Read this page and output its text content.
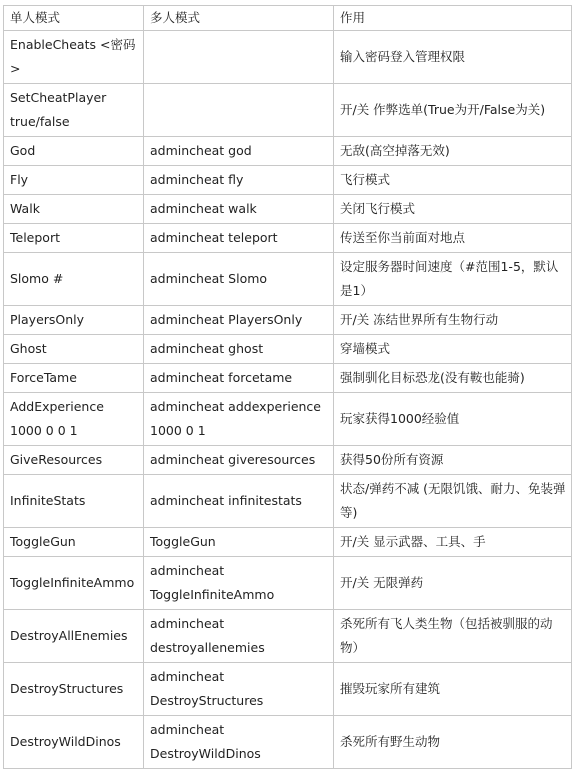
单人模式	多人模式	作用
EnableCheats <密码>		输入密码登入管理权限
SetCheatPlayer true/false		开/关 作弊选单(True为开/False为关)
God	admincheat god	无敌(高空掉落无效)
Fly	admincheat fly	飞行模式
Walk	admincheat walk	关闭飞行模式
Teleport	admincheat teleport	传送至你当前面对地点
Slomo #	admincheat Slomo	设定服务器时间速度（#范围1-5，默认是1）
PlayersOnly	admincheat PlayersOnly	开/关 冻结世界所有生物行动
Ghost	admincheat ghost	穿墙模式
ForceTame	admincheat forcetame	强制驯化目标恐龙(没有鞍也能骑)
AddExperience 1000 0 0 1	admincheat addexperience 1000 0 1	玩家获得1000经验值
GiveResources	admincheat giveresources	获得50份所有资源
InfiniteStats	admincheat infinitestats	状态/弹药不减 (无限饥饿、耐力、免装弹等)
ToggleGun	ToggleGun	开/关 显示武器、工具、手
ToggleInfiniteAmmo	admincheat ToggleInfiniteAmmo	开/关 无限弹药
DestroyAllEnemies	admincheat destroyallenemies	杀死所有飞人类生物（包括被驯服的动物）
DestroyStructures	admincheat DestroyStructures	摧毁玩家所有建筑
DestroyWildDinos	admincheat DestroyWildDinos	杀死所有野生动物
